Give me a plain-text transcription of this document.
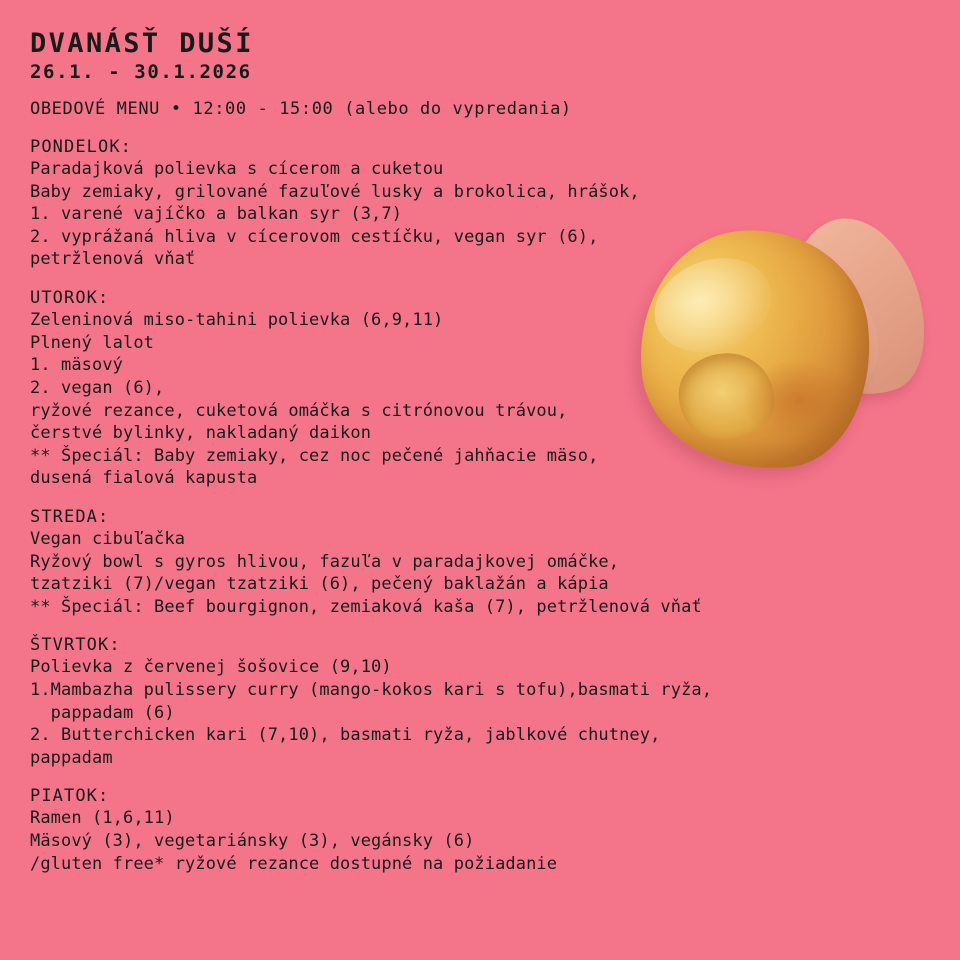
DVANÁSŤ DUŠÍ
26.1. - 30.1.2026
OBEDOVÉ MENU • 12:00 - 15:00 (alebo do vypredania)
PONDELOK:
Paradajková polievka s cícerom a cuketou
Baby zemiaky, grilované fazuľové lusky a brokolica, hrášok,
1. varené vajíčko a balkan syr (3,7)
2. vyprážaná hliva v cícerovom cestíčku, vegan syr (6),
petržlenová vňať
UTOROK:
Zeleninová miso-tahini polievka (6,9,11)
Plnený lalot
1. mäsový
2. vegan (6),
ryžové rezance, cuketová omáčka s citrónovou trávou,
čerstvé bylinky, nakladaný daikon
** Špeciál: Baby zemiaky, cez noc pečené jahňacie mäso,
dusená fialová kapusta
STREDA:
Vegan cibuľačka
Ryžový bowl s gyros hlivou, fazuľa v paradajkovej omáčke,
tzatziki (7)/vegan tzatziki (6), pečený baklažán a kápia
** Špeciál: Beef bourgignon, zemiaková kaša (7), petržlenová vňať
ŠTVRTOK:
Polievka z červenej šošovice (9,10)
1.Mambazha pulissery curry (mango-kokos kari s tofu),basmati ryža,
pappadam (6)
2. Butterchicken kari (7,10), basmati ryža, jablkové chutney,
pappadam
PIATOK:
Ramen (1,6,11)
Mäsový (3), vegetariánsky (3), vegánsky (6)
/gluten free* ryžové rezance dostupné na požiadanie
